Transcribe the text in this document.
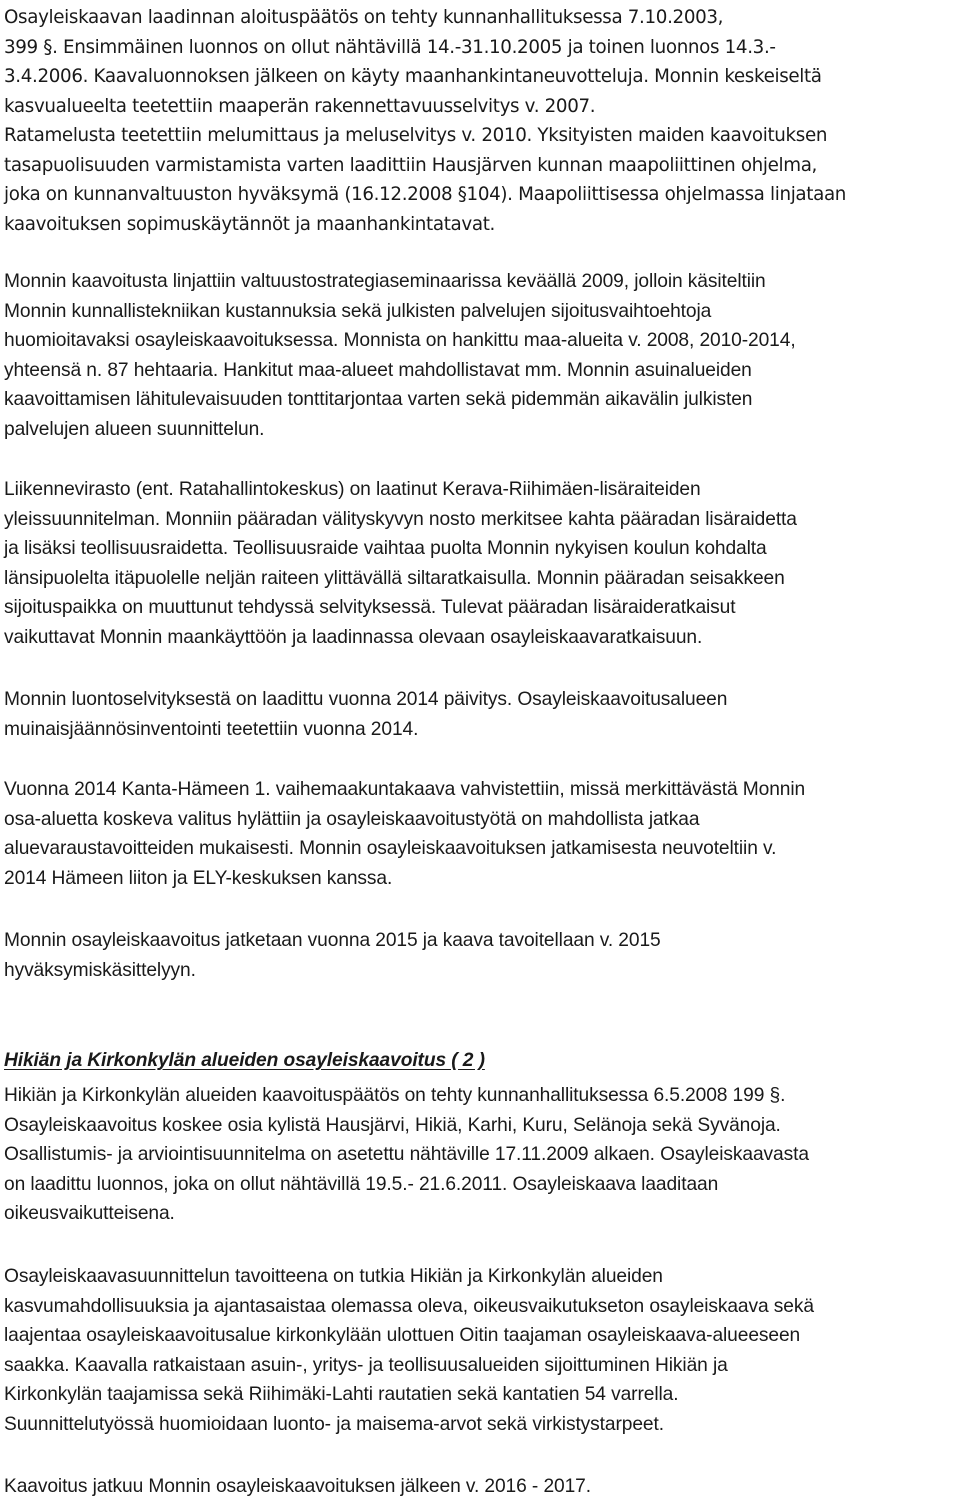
Osayleiskaavan laadinnan aloituspäätös on tehty kunnanhallituksessa 7.10.2003,
399 §. Ensimmäinen luonnos on ollut nähtävillä 14.-31.10.2005 ja toinen luonnos 14.3.-
3.4.2006. Kaavaluonnoksen jälkeen on käyty maanhankintaneuvotteluja. Monnin keskeiseltä
kasvualueelta teetettiin maaperän rakennettavuusselvitys v. 2007.
Ratamelusta teetettiin melumittaus ja meluselvitys v. 2010. Yksityisten maiden kaavoituksen
tasapuolisuuden varmistamista varten laadittiin Hausjärven kunnan maapoliittinen ohjelma,
joka on kunnanvaltuuston hyväksymä (16.12.2008 §104). Maapoliittisessa ohjelmassa linjataan
kaavoituksen sopimuskäytännöt ja maanhankintatavat.
Monnin kaavoitusta linjattiin valtuustostrategiaseminaarissa keväällä 2009, jolloin käsiteltiin
Monnin kunnallistekniikan kustannuksia sekä julkisten palvelujen sijoitusvaihtoehtoja
huomioitavaksi osayleiskaavoituksessa. Monnista on hankittu maa-alueita v. 2008, 2010-2014,
yhteensä n. 87 hehtaaria. Hankitut maa-alueet mahdollistavat mm. Monnin asuinalueiden
kaavoittamisen lähitulevaisuuden tonttitarjontaa varten sekä pidemmän aikavälin julkisten
palvelujen alueen suunnittelun.
Liikennevirasto (ent. Ratahallintokeskus) on laatinut Kerava-Riihimäen-lisäraiteiden
yleissuunnitelman. Monniin pääradan välityskyvyn nosto merkitsee kahta pääradan lisäraidetta
ja lisäksi teollisuusraidetta. Teollisuusraide vaihtaa puolta Monnin nykyisen koulun kohdalta
länsipuolelta itäpuolelle neljän raiteen ylittävällä siltaratkaisulla. Monnin pääradan seisakkeen
sijoituspaikka on muuttunut tehdyssä selvityksessä. Tulevat pääradan lisäraideratkaisut
vaikuttavat Monnin maankäyttöön ja laadinnassa olevaan osayleiskaavaratkaisuun.
Monnin luontoselvityksestä on laadittu vuonna 2014 päivitys. Osayleiskaavoitusalueen
muinaisjäännösinventointi teetettiin vuonna 2014.
Vuonna 2014 Kanta-Hämeen 1. vaihemaakuntakaava vahvistettiin, missä merkittävästä Monnin
osa-aluetta koskeva valitus hylättiin ja osayleiskaavoitustyötä on mahdollista jatkaa
aluevaraustavoitteiden mukaisesti. Monnin osayleiskaavoituksen jatkamisesta neuvoteltiin v.
2014 Hämeen liiton ja ELY-keskuksen kanssa.
Monnin osayleiskaavoitus jatketaan vuonna 2015 ja kaava tavoitellaan v. 2015
hyväksymiskäsittelyyn.
Hikiän ja Kirkonkylän alueiden osayleiskaavoitus ( 2 )
Hikiän ja Kirkonkylän alueiden kaavoituspäätös on tehty kunnanhallituksessa 6.5.2008 199 §.
Osayleiskaavoitus koskee osia kylistä Hausjärvi, Hikiä, Karhi, Kuru, Selänoja sekä Syvänoja.
Osallistumis- ja arviointisuunnitelma on asetettu nähtäville 17.11.2009 alkaen. Osayleiskaavasta
on laadittu luonnos, joka on ollut nähtävillä 19.5.- 21.6.2011. Osayleiskaava laaditaan
oikeusvaikutteisena.
Osayleiskaavasuunnittelun tavoitteena on tutkia Hikiän ja Kirkonkylän alueiden
kasvumahdollisuuksia ja ajantasaistaa olemassa oleva, oikeusvaikutukseton osayleiskaava sekä
laajentaa osayleiskaavoitusalue kirkonkylään ulottuen Oitin taajaman osayleiskaava-alueeseen
saakka. Kaavalla ratkaistaan asuin-, yritys- ja teollisuusalueiden sijoittuminen Hikiän ja
Kirkonkylän taajamissa sekä Riihimäki-Lahti rautatien sekä kantatien 54 varrella.
Suunnittelutyössä huomioidaan luonto- ja maisema-arvot sekä virkistystarpeet.
Kaavoitus jatkuu Monnin osayleiskaavoituksen jälkeen v. 2016 - 2017.
